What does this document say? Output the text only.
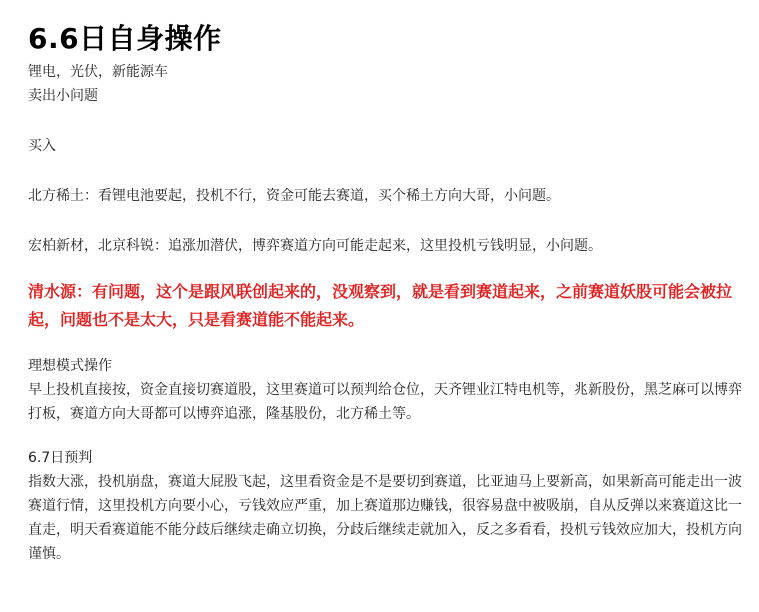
6.6日自身操作

锂电，光伏，新能源车

卖出小问题

买入

北方稀土：看锂电池要起，投机不行，资金可能去赛道，买个稀土方向大哥，小问题。

宏柏新材，北京科锐：追涨加潜伏，博弈赛道方向可能走起来，这里投机亏钱明显，小问题。

清水源：有问题，这个是跟风联创起来的，没观察到，就是看到赛道起来，之前赛道妖股可能会被拉起，问题也不是太大，只是看赛道能不能起来。

理想模式操作

早上投机直接按，资金直接切赛道股，这里赛道可以预判给仓位，天齐锂业江特电机等，兆新股份，黑芝麻可以博弈打板，赛道方向大哥都可以博弈追涨，隆基股份，北方稀土等。

6.7日预判

指数大涨，投机崩盘，赛道大屁股飞起，这里看资金是不是要切到赛道，比亚迪马上要新高，如果新高可能走出一波赛道行情，这里投机方向要小心，亏钱效应严重，加上赛道那边赚钱，很容易盘中被吸崩，自从反弹以来赛道这比一直走，明天看赛道能不能分歧后继续走确立切换，分歧后继续走就加入，反之多看看，投机亏钱效应加大，投机方向谨慎。
